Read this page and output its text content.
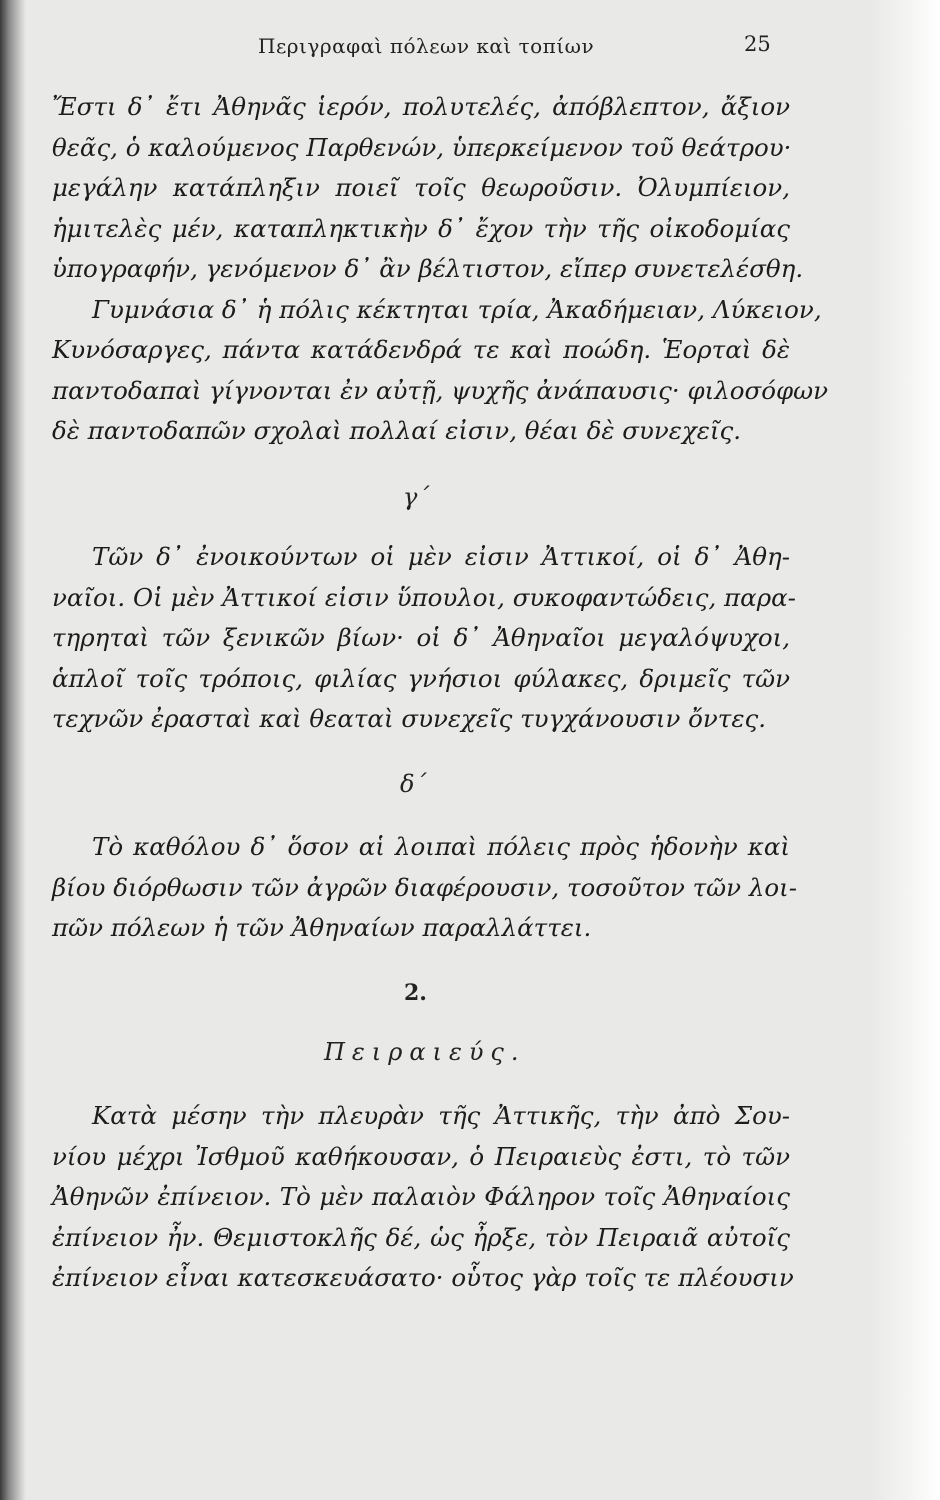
Περιγραφαὶ πόλεων καὶ τοπίων	25
Ἔστι δ᾽ ἔτι Ἀθηνᾶς ἱερόν, πολυτελές, ἀπόβλεπτον, ἄξιον
θεᾶς, ὁ καλούμενος Παρθενών, ὑπερκείμενον τοῦ θεάτρου·
μεγάλην κατάπληξιν ποιεῖ τοῖς θεωροῦσιν. Ὀλυμπίειον,
ἡμιτελὲς μέν, καταπληκτικὴν δ᾽ ἔχον τὴν τῆς οἰκοδομίας
ὑπογραφήν, γενόμενον δ᾽ ἂν βέλτιστον, εἴπερ συνετελέσθη.
Γυμνάσια δ᾽ ἡ πόλις κέκτηται τρία, Ἀκαδήμειαν, Λύκειον,
Κυνόσαργες, πάντα κατάδενδρά τε καὶ ποώδη. Ἑορταὶ δὲ
παντοδαπαὶ γίγνονται ἐν αὐτῇ, ψυχῆς ἀνάπαυσις· φιλοσόφων
δὲ παντοδαπῶν σχολαὶ πολλαί εἰσιν, θέαι δὲ συνεχεῖς.
γ΄
Τῶν δ᾽ ἐνοικούντων οἱ μὲν εἰσιν Ἀττικοί, οἱ δ᾽ Ἀθη-
ναῖοι. Οἱ μὲν Ἀττικοί εἰσιν ὕπουλοι, συκοφαντώδεις, παρα-
τηρηταὶ τῶν ξενικῶν βίων· οἱ δ᾽ Ἀθηναῖοι μεγαλόψυχοι,
ἁπλοῖ τοῖς τρόποις, φιλίας γνήσιοι φύλακες, δριμεῖς τῶν
τεχνῶν ἐρασταὶ καὶ θεαταὶ συνεχεῖς τυγχάνουσιν ὄντες.
δ΄
Τὸ καθόλου δ᾽ ὅσον αἱ λοιπαὶ πόλεις πρὸς ἡδονὴν καὶ
βίου διόρθωσιν τῶν ἀγρῶν διαφέρουσιν, τοσοῦτον τῶν λοι-
πῶν πόλεων ἡ τῶν Ἀθηναίων παραλλάττει.
2.
Πειραιεύς.
Κατὰ μέσην τὴν πλευρὰν τῆς Ἀττικῆς, τὴν ἀπὸ Σου-
νίου μέχρι Ἰσθμοῦ καθήκουσαν, ὁ Πειραιεὺς ἐστι, τὸ τῶν
Ἀθηνῶν ἐπίνειον. Τὸ μὲν παλαιὸν Φάληρον τοῖς Ἀθηναίοις
ἐπίνειον ἦν. Θεμιστοκλῆς δέ, ὡς ἦρξε, τὸν Πειραιᾶ αὐτοῖς
ἐπίνειον εἶναι κατεσκευάσατο· οὗτος γὰρ τοῖς τε πλέουσιν
